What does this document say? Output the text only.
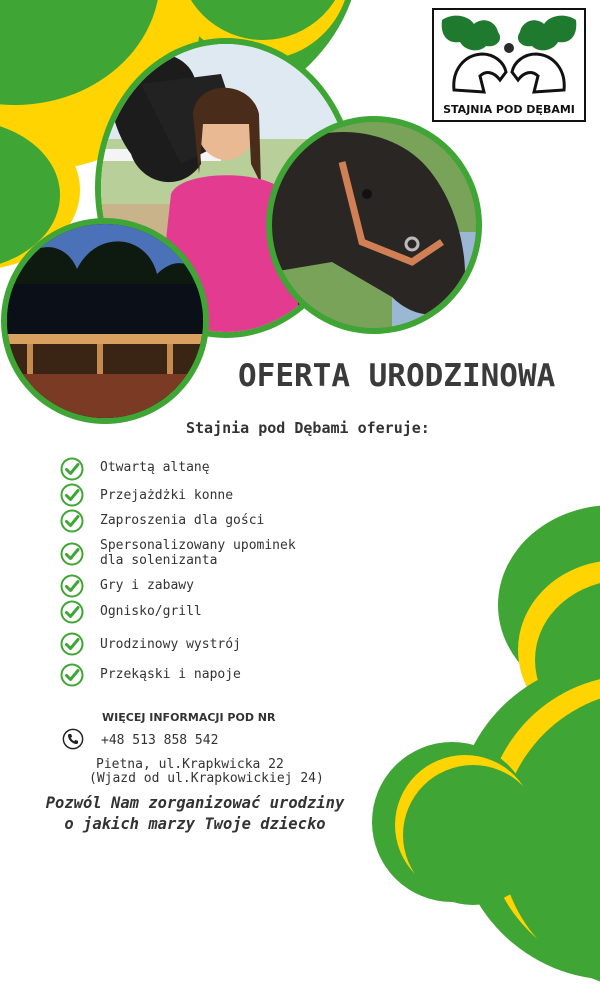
STAJNIA POD DĘBAMI
OFERTA URODZINOWA
Stajnia pod Dębami oferuje:
Otwartą altanę
Przejażdżki konne
Zaproszenia dla gości
Spersonalizowany upominek
dla solenizanta
Gry i zabawy
Ognisko/grill
Urodzinowy wystrój
Przekąski i napoje
WIĘCEJ INFORMACJI POD NR
+48 513 858 542
Pietna, ul.Krapkwicka 22
(Wjazd od ul.Krapkowickiej 24)
Pozwól Nam zorganizować urodziny
o jakich marzy Twoje dziecko
